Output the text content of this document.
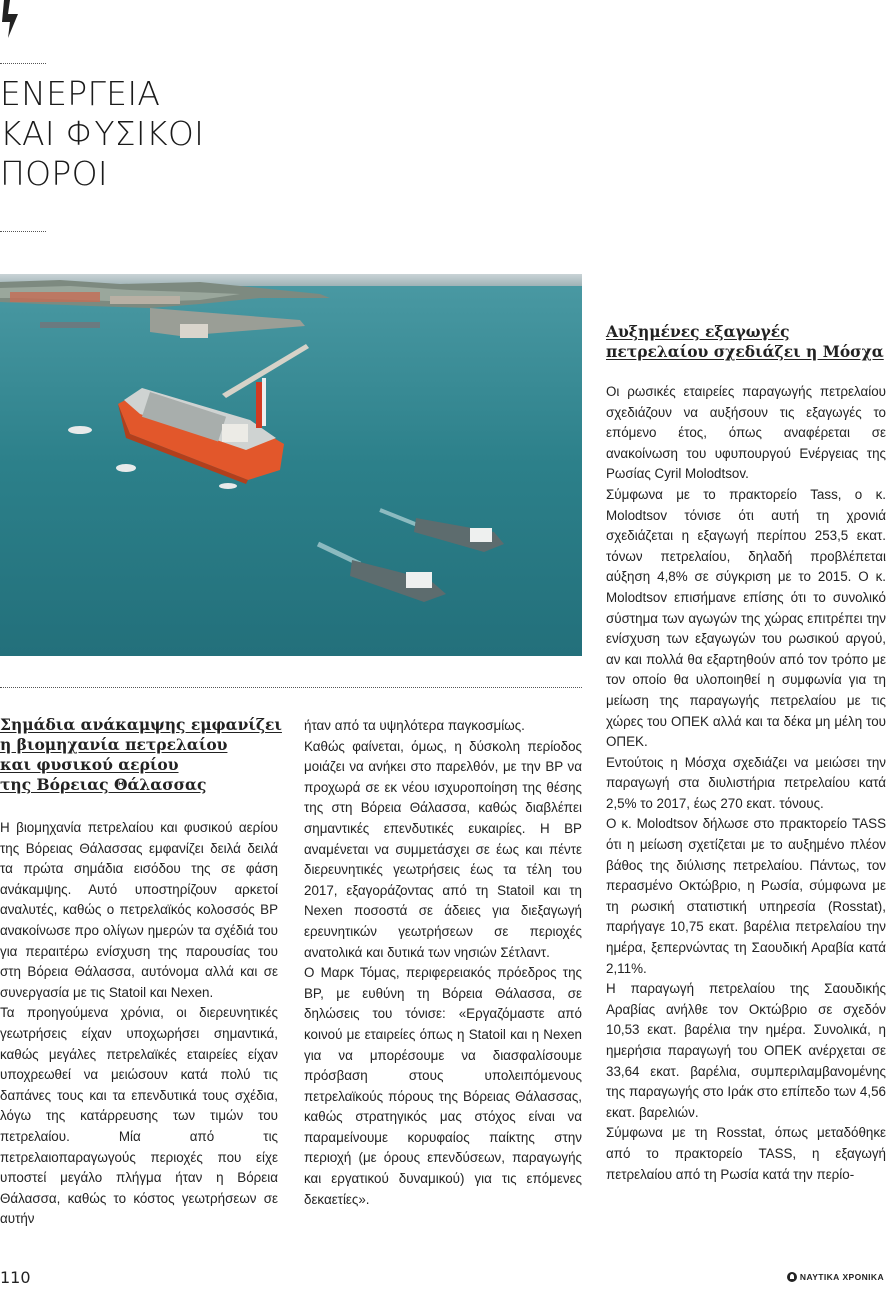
ΕΝΕΡΓΕΙΑ
ΚΑΙ ΦΥΣΙΚΟΙ
ΠΟΡΟΙ
Αυξημένες εξαγωγές
πετρελαίου σχεδιάζει η Μόσχα

Οι ρωσικές εταιρείες παραγωγής πετρελαίου σχεδιάζουν να αυξήσουν τις εξαγωγές το επόμενο έτος, όπως αναφέρεται σε ανακοίνωση του υφυπουργού Ενέργειας της Ρωσίας Cyril Molodtsov.

Σύμφωνα με το πρακτορείο Tass, ο κ. Molodtsov τόνισε ότι αυτή τη χρονιά σχεδιάζεται η εξαγωγή περίπου 253,5 εκατ. τόνων πετρελαίου, δηλαδή προβλέπεται αύξηση 4,8% σε σύγκριση με το 2015. Ο κ. Molodtsov επισήμανε επίσης ότι το συνολικό σύστημα των αγωγών της χώρας επιτρέπει την ενίσχυση των εξαγωγών του ρωσικού αργού, αν και πολλά θα εξαρτηθούν από τον τρόπο με τον οποίο θα υλοποιηθεί η συμφωνία για τη μείωση της παραγωγής πετρελαίου με τις χώρες του ΟΠΕΚ αλλά και τα δέκα μη μέλη του ΟΠΕΚ.

Εντούτοις η Μόσχα σχεδιάζει να μειώσει την παραγωγή στα διυλιστήρια πετρελαίου κατά 2,5% το 2017, έως 270 εκατ. τόνους.

Ο κ. Molodtsov δήλωσε στο πρακτορείο TASS ότι η μείωση σχετίζεται με το αυξημένο πλέον βάθος της διύλισης πετρελαίου. Πάντως, τον περασμένο Οκτώβριο, η Ρωσία, σύμφωνα με τη ρωσική στατιστική υπηρεσία (Rosstat), παρήγαγε 10,75 εκατ. βαρέλια πετρελαίου την ημέρα, ξεπερνώντας τη Σαουδική Αραβία κατά 2,11%.

Η παραγωγή πετρελαίου της Σαουδικής Αραβίας ανήλθε τον Οκτώβριο σε σχεδόν 10,53 εκατ. βαρέλια την ημέρα. Συνολικά, η ημερήσια παραγωγή του ΟΠΕΚ ανέρχεται σε 33,64 εκατ. βαρέλια, συμπεριλαμβανομένης της παραγωγής στο Ιράκ στο επίπεδο των 4,56 εκατ. βαρελιών.

Σύμφωνα με τη Rosstat, όπως μεταδόθηκε από το πρακτορείο TASS, η εξαγωγή πετρελαίου από τη Ρωσία κατά την περίο-

Σημάδια ανάκαμψης εμφανίζει
η βιομηχανία πετρελαίου
και φυσικού αερίου
της Βόρειας Θάλασσας

Η βιομηχανία πετρελαίου και φυσικού αερίου της Βόρειας Θάλασσας εμφανίζει δειλά δειλά τα πρώτα σημάδια εισόδου της σε φάση ανάκαμψης. Αυτό υποστηρίζουν αρκετοί αναλυτές, καθώς ο πετρελαϊκός κολοσσός BP ανακοίνωσε προ ολίγων ημερών τα σχέδιά του για περαιτέρω ενίσχυση της παρουσίας του στη Βόρεια Θάλασσα, αυτόνομα αλλά και σε συνεργασία με τις Statoil και Nexen.

Τα προηγούμενα χρόνια, οι διερευνητικές γεωτρήσεις είχαν υποχωρήσει σημαντικά, καθώς μεγάλες πετρελαϊκές εταιρείες είχαν υποχρεωθεί να μειώσουν κατά πολύ τις δαπάνες τους και τα επενδυτικά τους σχέδια, λόγω της κατάρρευσης των τιμών του πετρελαίου. Μία από τις πετρελαιοπαραγωγούς περιοχές που είχε υποστεί μεγάλο πλήγμα ήταν η Βόρεια Θάλασσα, καθώς το κόστος γεωτρήσεων σε αυτήν

ήταν από τα υψηλότερα παγκοσμίως.

Καθώς φαίνεται, όμως, η δύσκολη περίοδος μοιάζει να ανήκει στο παρελθόν, με την BP να προχωρά σε εκ νέου ισχυροποίηση της θέσης της στη Βόρεια Θάλασσα, καθώς διαβλέπει σημαντικές επενδυτικές ευκαιρίες. Η BP αναμένεται να συμμετάσχει σε έως και πέντε διερευνητικές γεωτρήσεις έως τα τέλη του 2017, εξαγοράζοντας από τη Statoil και τη Nexen ποσοστά σε άδειες για διεξαγωγή ερευνητικών γεωτρήσεων σε περιοχές ανατολικά και δυτικά των νησιών Σέτλαντ.

Ο Μαρκ Τόμας, περιφερειακός πρόεδρος της BP, με ευθύνη τη Βόρεια Θάλασσα, σε δηλώσεις του τόνισε: «Εργαζόμαστε από κοινού με εταιρείες όπως η Statoil και η Nexen για να μπορέσουμε να διασφαλίσουμε πρόσβαση στους υπολειπόμενους πετρελαϊκούς πόρους της Βόρειας Θάλασσας, καθώς στρατηγικός μας στόχος είναι να παραμείνουμε κορυφαίος παίκτης στην περιοχή (με όρους επενδύσεων, παραγωγής και εργατικού δυναμικού) για τις επόμενες δεκαετίες».

110	ΝΑΥΤΙΚΑ ΧΡΟΝΙΚΑ
